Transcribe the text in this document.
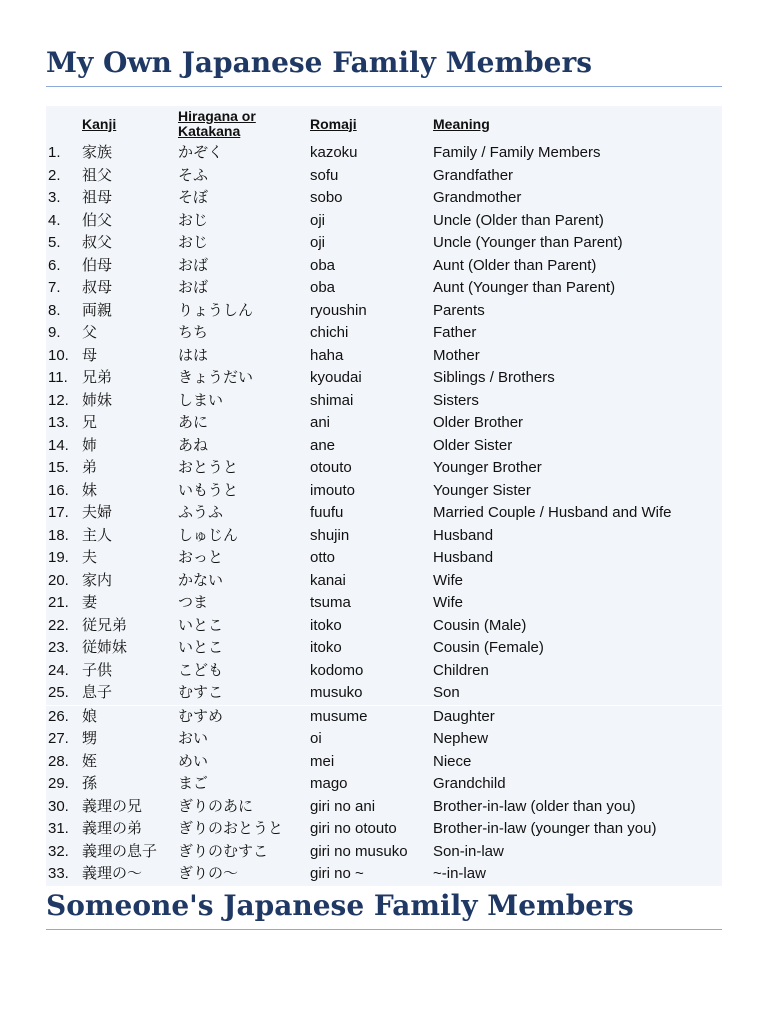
My Own Japanese Family Members
	Kanji	Hiragana or Katakana	Romaji	Meaning
1.	家族	かぞく	kazoku	Family / Family Members
2.	祖父	そふ	sofu	Grandfather
3.	祖母	そぼ	sobo	Grandmother
4.	伯父	おじ	oji	Uncle (Older than Parent)
5.	叔父	おじ	oji	Uncle (Younger than Parent)
6.	伯母	おば	oba	Aunt (Older than Parent)
7.	叔母	おば	oba	Aunt (Younger than Parent)
8.	両親	りょうしん	ryoushin	Parents
9.	父	ちち	chichi	Father
10.	母	はは	haha	Mother
11.	兄弟	きょうだい	kyoudai	Siblings / Brothers
12.	姉妹	しまい	shimai	Sisters
13.	兄	あに	ani	Older Brother
14.	姉	あね	ane	Older Sister
15.	弟	おとうと	otouto	Younger Brother
16.	妹	いもうと	imouto	Younger Sister
17.	夫婦	ふうふ	fuufu	Married Couple / Husband and Wife
18.	主人	しゅじん	shujin	Husband
19.	夫	おっと	otto	Husband
20.	家内	かない	kanai	Wife
21.	妻	つま	tsuma	Wife
22.	従兄弟	いとこ	itoko	Cousin (Male)
23.	従姉妹	いとこ	itoko	Cousin (Female)
24.	子供	こども	kodomo	Children
25.	息子	むすこ	musuko	Son
26.	娘	むすめ	musume	Daughter
27.	甥	おい	oi	Nephew
28.	姪	めい	mei	Niece
29.	孫	まご	mago	Grandchild
30.	義理の兄	ぎりのあに	giri no ani	Brother-in-law (older than you)
31.	義理の弟	ぎりのおとうと	giri no otouto	Brother-in-law (younger than you)
32.	義理の息子	ぎりのむすこ	giri no musuko	Son-in-law
33.	義理の～	ぎりの～	giri no ~	~-in-law
Someone's Japanese Family Members
